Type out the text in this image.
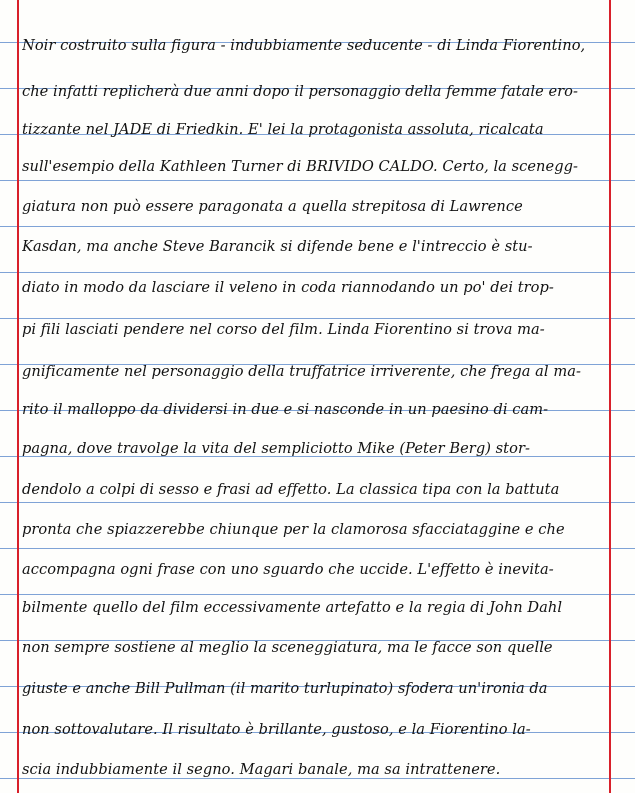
Noir costruito sulla figura - indubbiamente seducente - di Linda Fiorentino,
che infatti replicherà due anni dopo il personaggio della femme fatale ero-
tizzante nel JADE di Friedkin. E' lei la protagonista assoluta, ricalcata
sull'esempio della Kathleen Turner di BRIVIDO CALDO. Certo, la scenegg-
giatura non può essere paragonata a quella strepitosa di Lawrence
Kasdan, ma anche Steve Barancik si difende bene e l'intreccio è stu-
diato in modo da lasciare il veleno in coda riannodando un po' dei trop-
pi fili lasciati pendere nel corso del film. Linda Fiorentino si trova ma-
gnificamente nel personaggio della truffatrice irriverente, che frega al ma-
rito il malloppo da dividersi in due e si nasconde in un paesino di cam-
pagna, dove travolge la vita del sempliciotto Mike (Peter Berg) stor-
dendolo a colpi di sesso e frasi ad effetto. La classica tipa con la battuta
pronta che spiazzerebbe chiunque per la clamorosa sfacciataggine e che
accompagna ogni frase con uno sguardo che uccide. L'effetto è inevita-
bilmente quello del film eccessivamente artefatto e la regia di John Dahl
non sempre sostiene al meglio la sceneggiatura, ma le facce son quelle
giuste e anche Bill Pullman (il marito turlupinato) sfodera un'ironia da
non sottovalutare. Il risultato è brillante, gustoso, e la Fiorentino la-
scia indubbiamente il segno. Magari banale, ma sa intrattenere.
